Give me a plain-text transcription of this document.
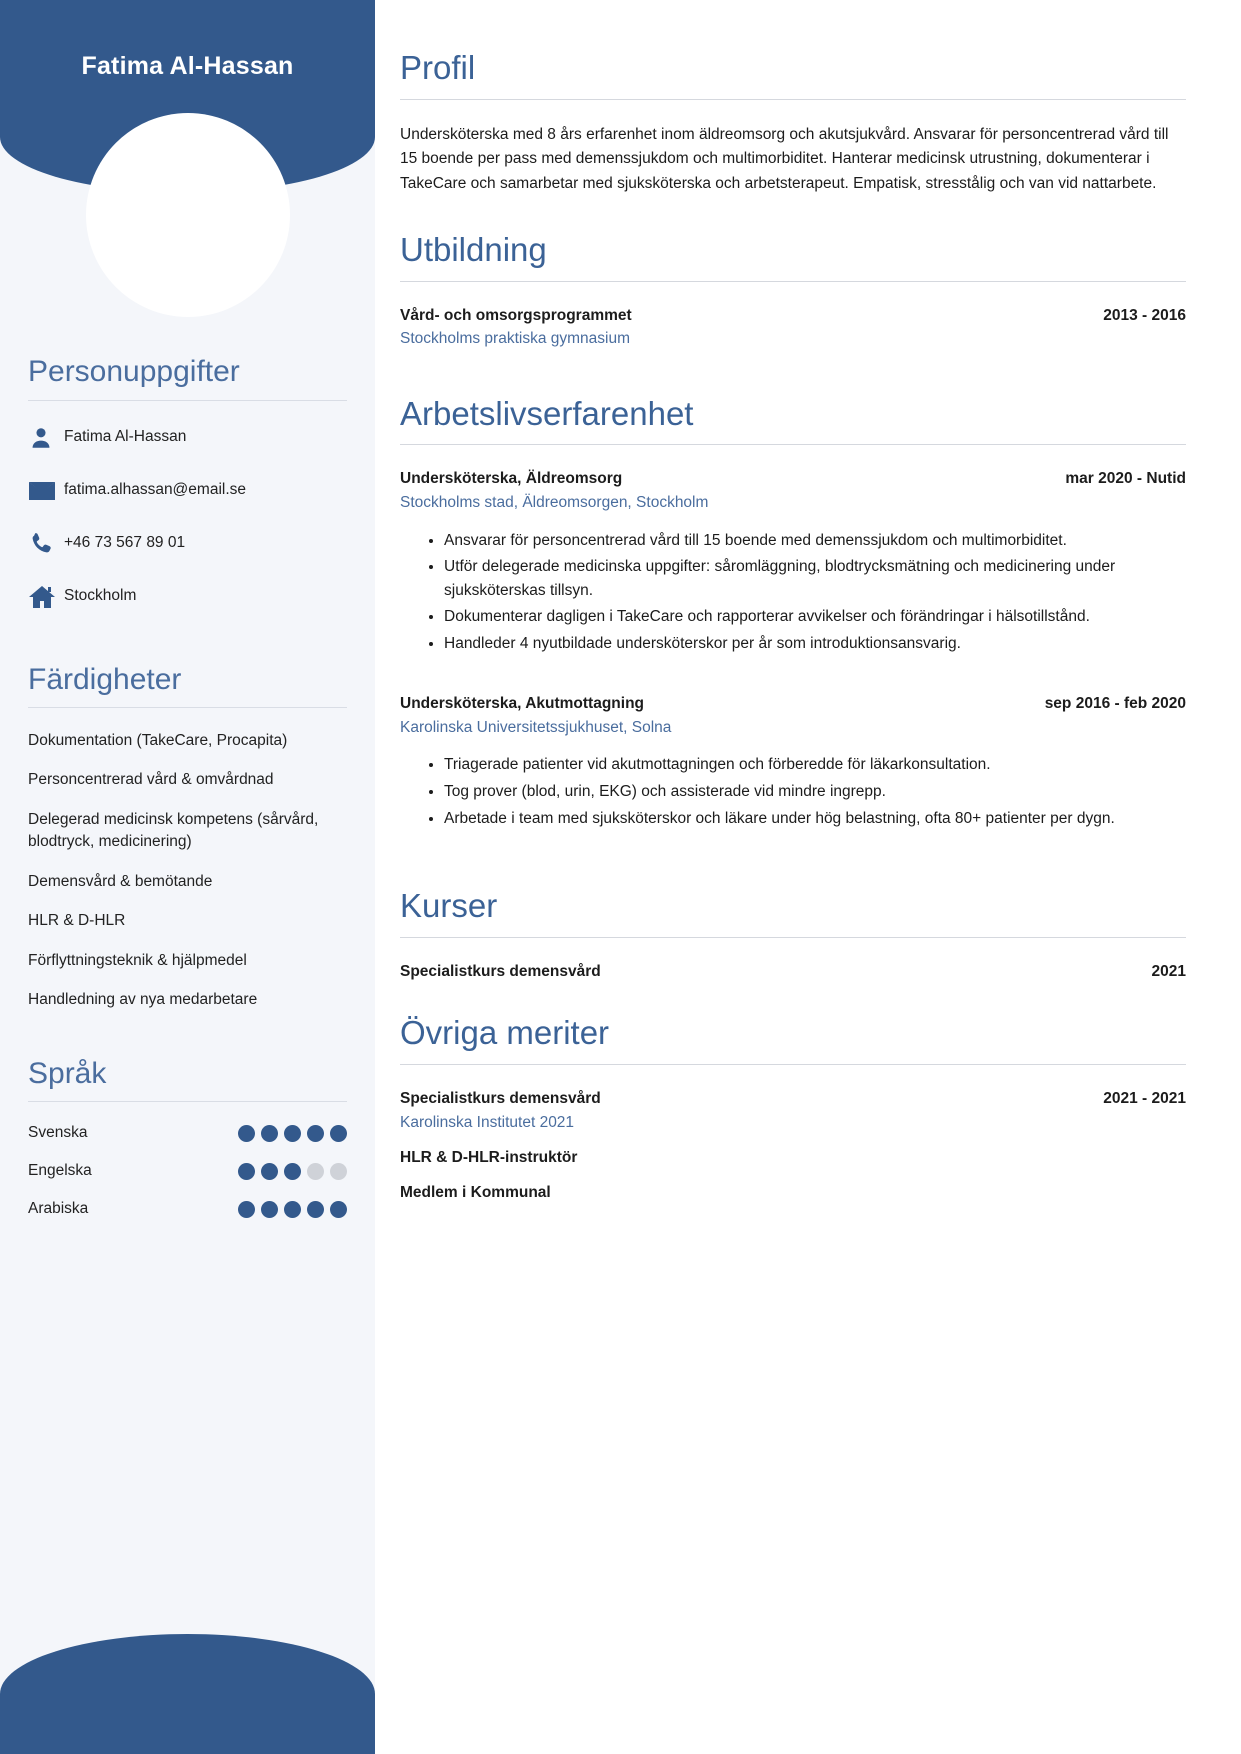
Fatima Al-Hassan
Personuppgifter
Fatima Al-Hassan
fatima.alhassan@email.se
+46 73 567 89 01
Stockholm
Färdigheter
Dokumentation (TakeCare, Procapita)
Personcentrerad vård & omvårdnad
Delegerad medicinsk kompetens (sårvård, blodtryck, medicinering)
Demensvård & bemötande
HLR & D-HLR
Förflyttningsteknik & hjälpmedel
Handledning av nya medarbetare
Språk
Svenska
Engelska
Arabiska
Profil

Undersköterska med 8 års erfarenhet inom äldreomsorg och akutsjukvård. Ansvarar för personcentrerad vård till 15 boende per pass med demenssjukdom och multimorbiditet. Hanterar medicinsk utrustning, dokumenterar i TakeCare och samarbetar med sjuksköterska och arbetsterapeut. Empatisk, stresstålig och van vid nattarbete.

Utbildning
Vård- och omsorgsprogrammet	2013 - 2016
Stockholms praktiska gymnasium
Arbetslivserfarenhet
Undersköterska, Äldreomsorg	mar 2020 - Nutid
Stockholms stad, Äldreomsorgen, Stockholm
• Ansvarar för personcentrerad vård till 15 boende med demenssjukdom och multimorbiditet.
• Utför delegerade medicinska uppgifter: såromläggning, blodtrycksmätning och medicinering under sjuksköterskas tillsyn.
• Dokumenterar dagligen i TakeCare och rapporterar avvikelser och förändringar i hälsotillstånd.
• Handleder 4 nyutbildade undersköterskor per år som introduktionsansvarig.
Undersköterska, Akutmottagning	sep 2016 - feb 2020
Karolinska Universitetssjukhuset, Solna
• Triagerade patienter vid akutmottagningen och förberedde för läkarkonsultation.
• Tog prover (blod, urin, EKG) och assisterade vid mindre ingrepp.
• Arbetade i team med sjuksköterskor och läkare under hög belastning, ofta 80+ patienter per dygn.
Kurser
Specialistkurs demensvård	2021
Övriga meriter
Specialistkurs demensvård	2021 - 2021
Karolinska Institutet 2021
HLR & D-HLR-instruktör
Medlem i Kommunal
